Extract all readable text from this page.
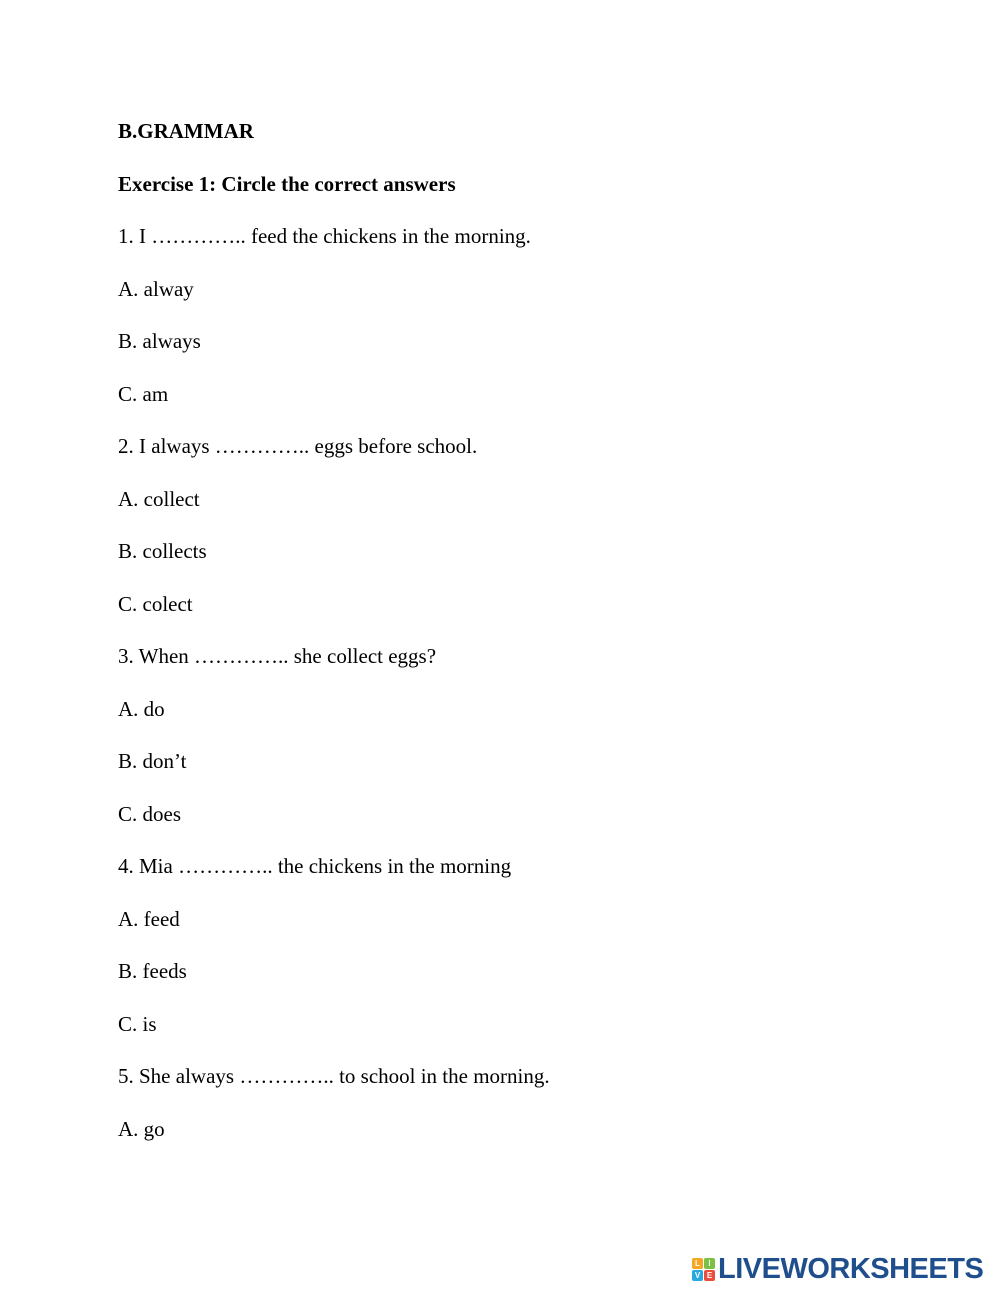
B.GRAMMAR
Exercise 1: Circle the correct answers
1. I ………….. feed the chickens in the morning.
A. alway
B. always
C. am
2. I always ………….. eggs before school.
A. collect
B. collects
C. colect
3. When ………….. she collect eggs?
A. do
B. don’t
C. does
4. Mia ………….. the chickens in the morning
A. feed
B. feeds
C. is
5. She always ………….. to school in the morning.
A. go
L	I
V E LIVEWORKSHEETS
